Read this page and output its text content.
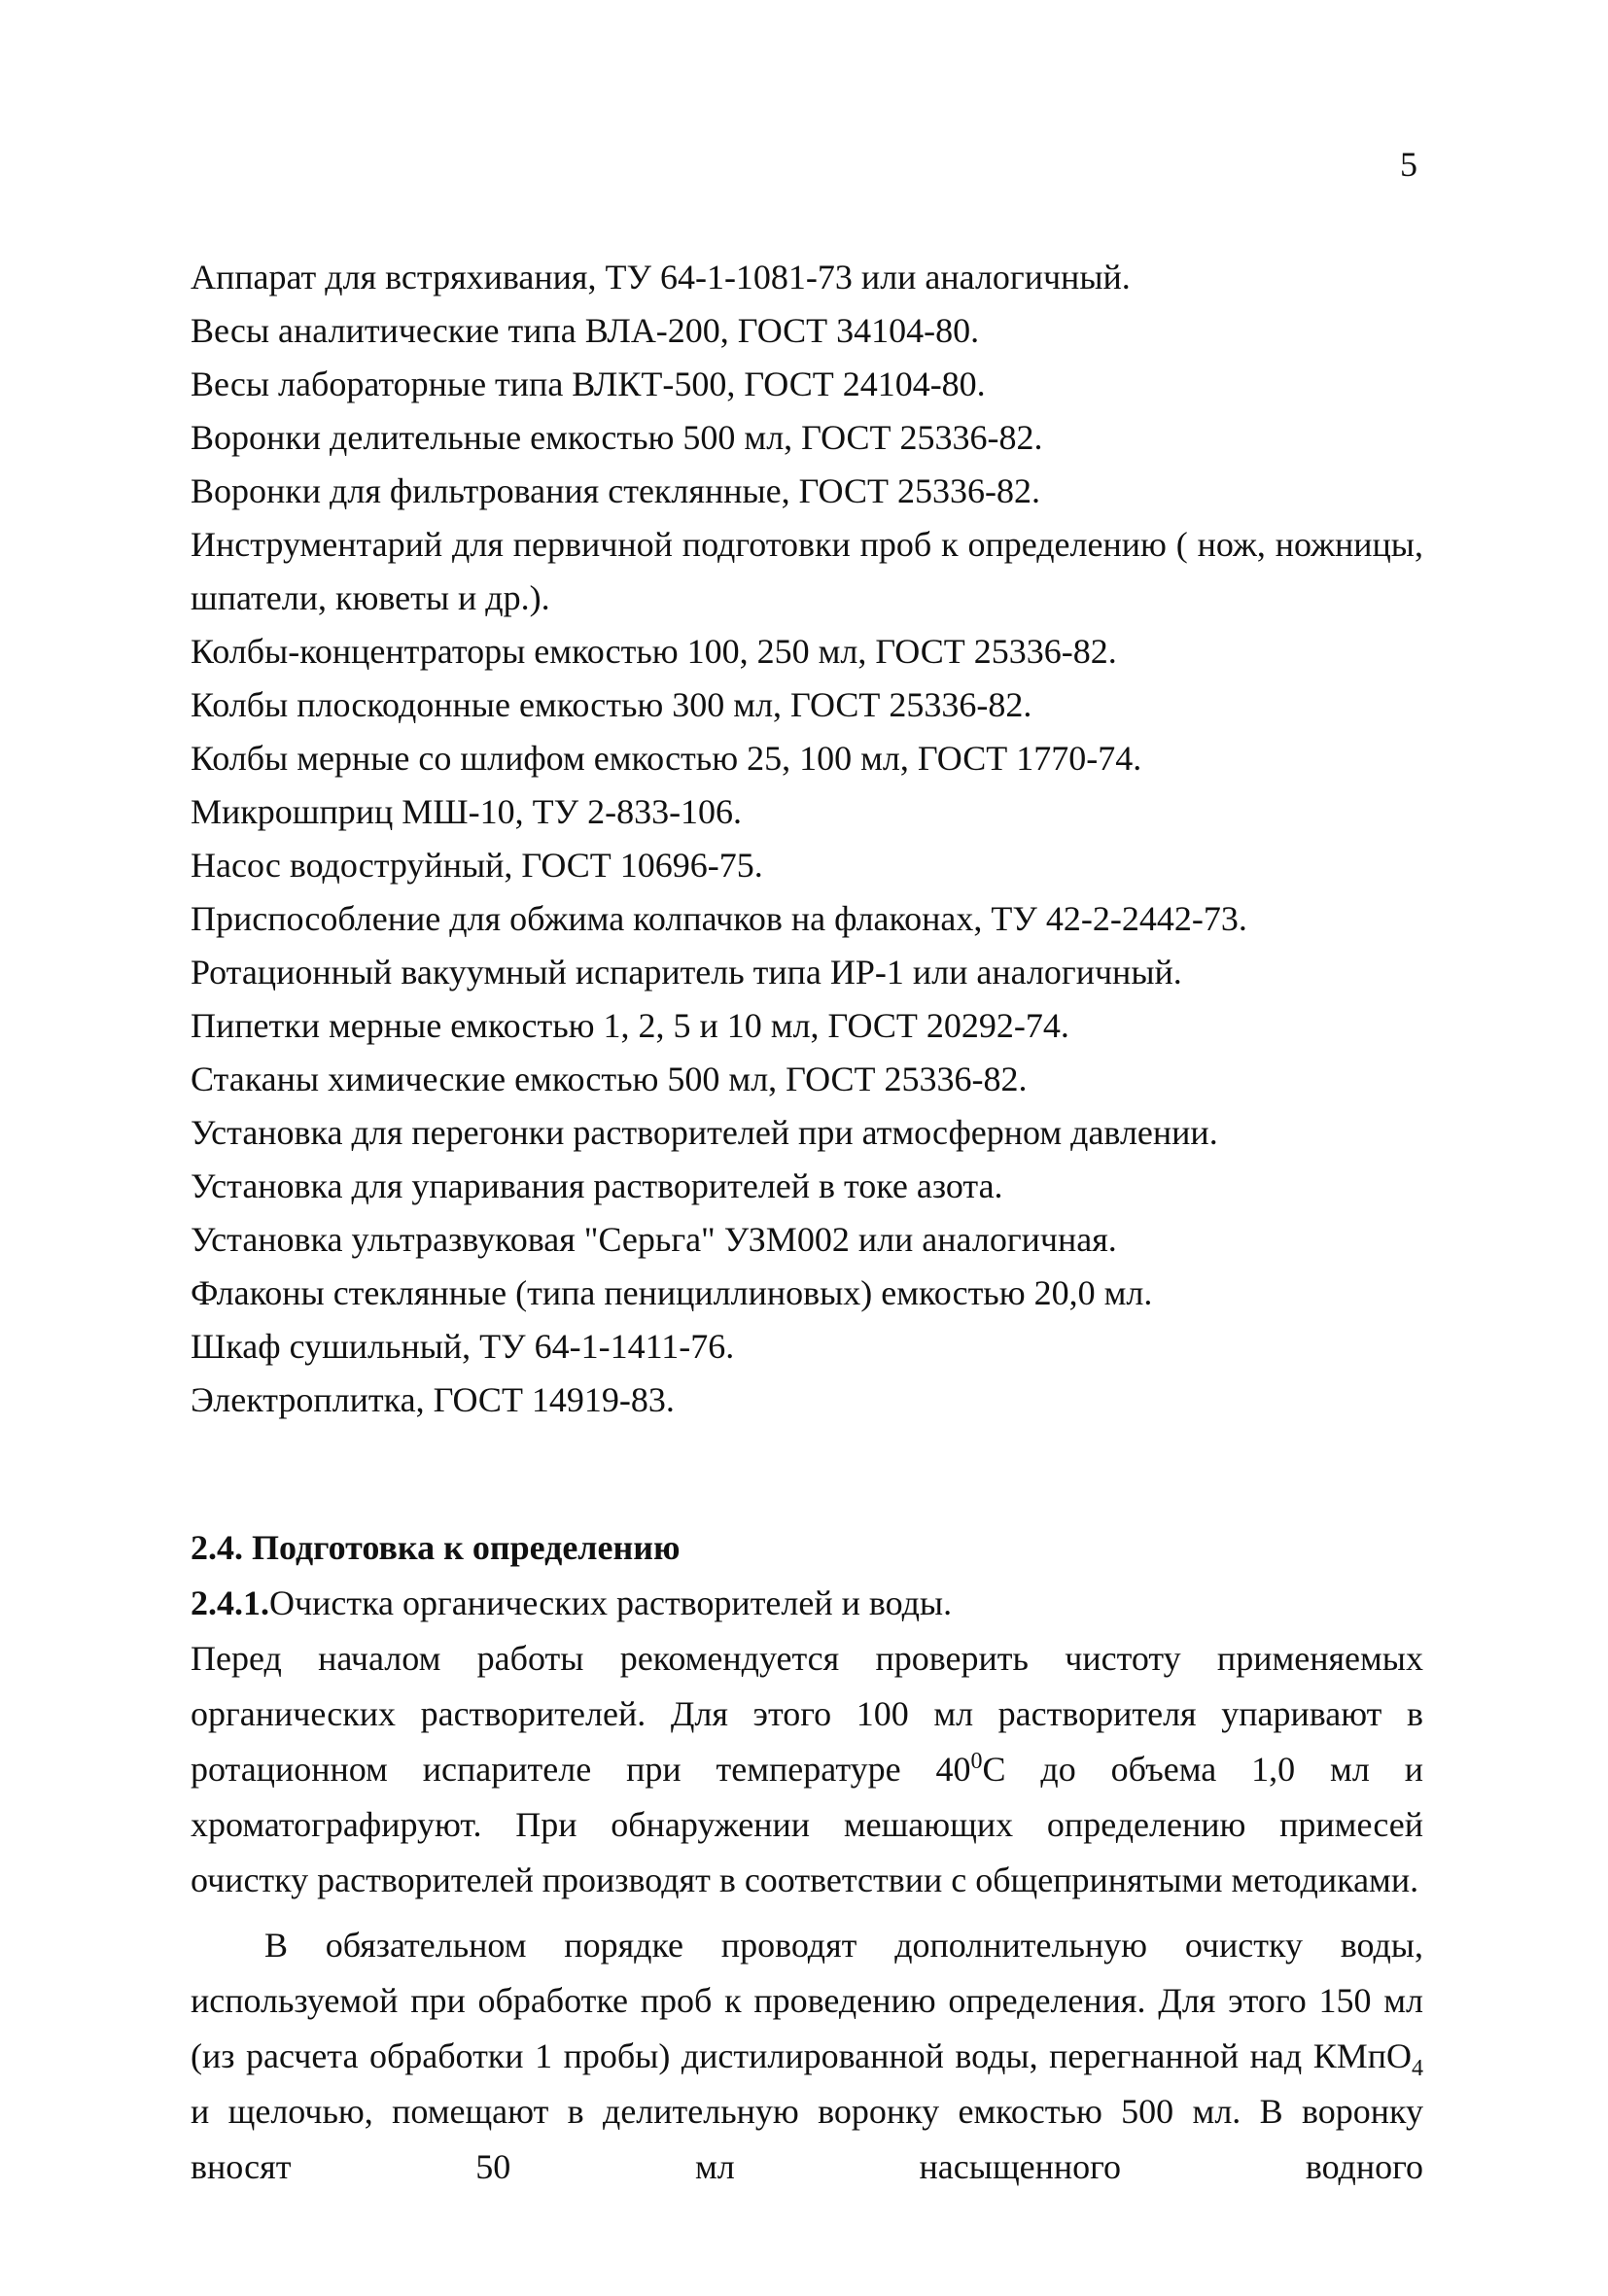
5
Аппарат для встряхивания, ТУ 64-1-1081-73 или аналогичный.
Весы аналитические типа ВЛА-200, ГОСТ 34104-80.
Весы лабораторные типа ВЛКТ-500, ГОСТ 24104-80.
Воронки делительные емкостью 500 мл, ГОСТ 25336-82.
Воронки для фильтрования стеклянные, ГОСТ 25336-82.
Инструментарий для первичной подготовки проб к определению ( нож, ножницы, шпатели, кюветы и др.).
Колбы-концентраторы емкостью 100, 250 мл, ГОСТ 25336-82.
Колбы плоскодонные емкостью 300 мл, ГОСТ 25336-82.
Колбы мерные со шлифом емкостью 25, 100 мл, ГОСТ 1770-74.
Микрошприц МШ-10, ТУ 2-833-106.
Насос водоструйный, ГОСТ 10696-75.
Приспособление для обжима колпачков на флаконах, ТУ 42-2-2442-73.
Ротационный вакуумный испаритель типа ИР-1 или аналогичный.
Пипетки мерные емкостью 1, 2, 5 и 10 мл, ГОСТ 20292-74.
Стаканы химические емкостью 500 мл, ГОСТ 25336-82.
Установка для перегонки растворителей при атмосферном давлении.
Установка для упаривания растворителей в токе азота.
Установка ультразвуковая "Серьга" УЗМ002 или аналогичная.
Флаконы стеклянные (типа пенициллиновых) емкостью 20,0 мл.
Шкаф сушильный, ТУ 64-1-1411-76.
Электроплитка, ГОСТ 14919-83.

2.4. Подготовка к определению

2.4.1.Очистка органических растворителей и воды.

Перед началом работы рекомендуется проверить чистоту применяемых органических растворителей. Для этого 100 мл растворителя упаривают в ротационном испарителе при температуре $40^0С$ до объема 1,0 мл и хроматографируют. При обнаружении мешающих определению примесей очистку растворителей производят в соответствии с общепринятыми методиками.

В обязательном порядке проводят дополнительную очистку воды, используемой при обработке проб к проведению определения. Для этого 150 мл (из расчета обработки 1 пробы) дистилированной воды, перегнанной над КМпО$_4$ и щелочью, помещают в делительную воронку емкостью 500 мл. В воронку вносят 50 мл насыщенного водного
